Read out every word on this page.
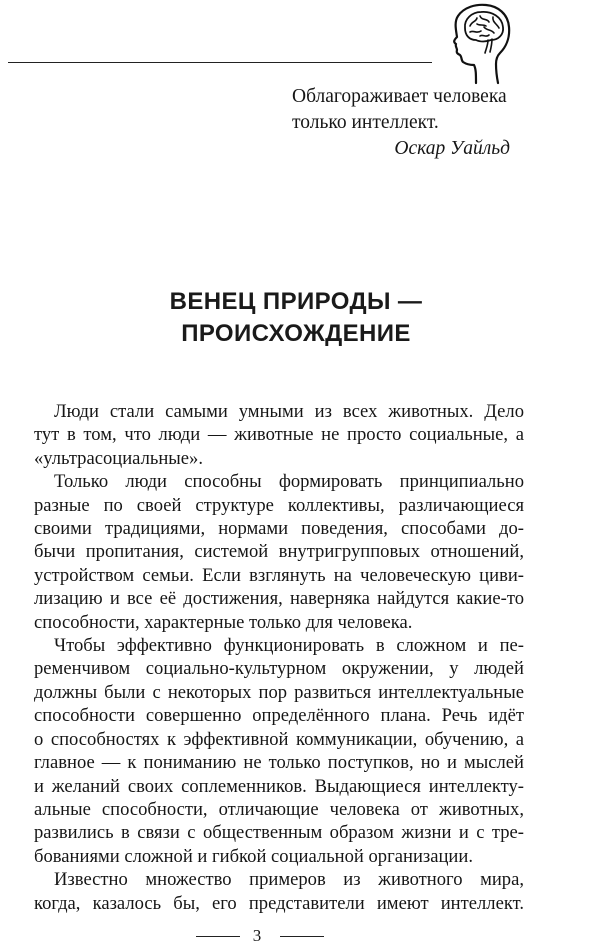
Облагораживает человека
только интеллект.
Оскар Уайльд
ВЕНЕЦ ПРИРОДЫ —
ПРОИСХОЖДЕНИЕ
Люди стали самыми умными из всех животных. Дело
тут в том, что люди — животные не просто социальные, а
«ультрасоциальные».
Только люди способны формировать принципиально
разные по своей структуре коллективы, различающиеся
своими традициями, нормами поведения, способами до-
бычи пропитания, системой внутригрупповых отношений,
устройством семьи. Если взглянуть на человеческую циви-
лизацию и все её достижения, наверняка найдутся какие-то
способности, характерные только для человека.
Чтобы эффективно функционировать в сложном и пе-
ременчивом социально-культурном окружении, у людей
должны были с некоторых пор развиться интеллектуальные
способности совершенно определённого плана. Речь идёт
о способностях к эффективной коммуникации, обучению, а
главное — к пониманию не только поступков, но и мыслей
и желаний своих соплеменников. Выдающиеся интеллекту-
альные способности, отличающие человека от животных,
развились в связи с общественным образом жизни и с тре-
бованиями сложной и гибкой социальной организации.
Известно множество примеров из животного мира,
когда, казалось бы, его представители имеют интеллект.
3
